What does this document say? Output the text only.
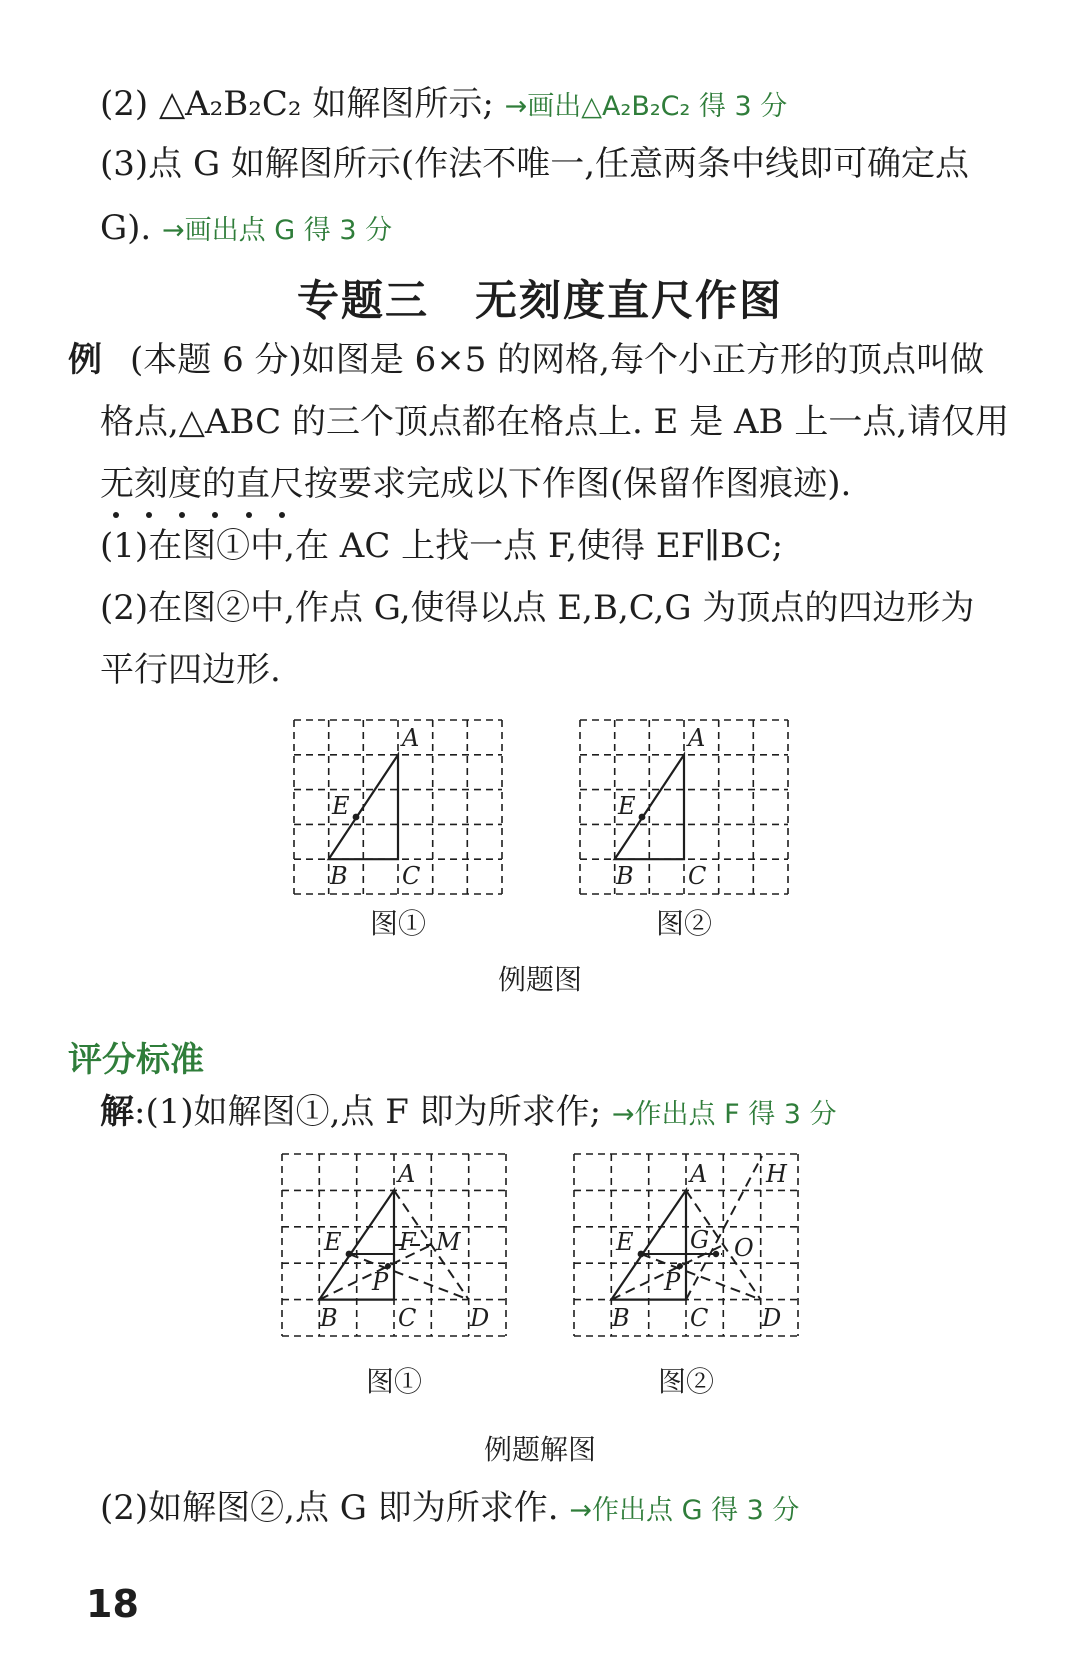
(2) △A₂B₂C₂ 如解图所示; →画出△A₂B₂C₂ 得 3 分
(3)点 G 如解图所示(作法不唯一,任意两条中线即可确定点
G). →画出点 G 得 3 分
专题三 无刻度直尺作图
例 (本题 6 分)如图是 6×5 的网格,每个小正方形的顶点叫做
格点,△ABC 的三个顶点都在格点上. E 是 AB 上一点,请仅用
无刻度的直尺按要求完成以下作图(保留作图痕迹).
(1)在图①中,在 AC 上找一点 F,使得 EF∥BC;
(2)在图②中,作点 G,使得以点 E,B,C,G 为顶点的四边形为
平行四边形.
A
E
B C
A
E
B C
图①	图②
例题图
评分标准
解:(1)如解图①,点 F 即为所求作; →作出点 F 得 3 分
A
E F M
P
B	C D
A H
E G O
P
B	C D
图①	图②
例题解图
(2)如解图②,点 G 即为所求作. →作出点 G 得 3 分
18
